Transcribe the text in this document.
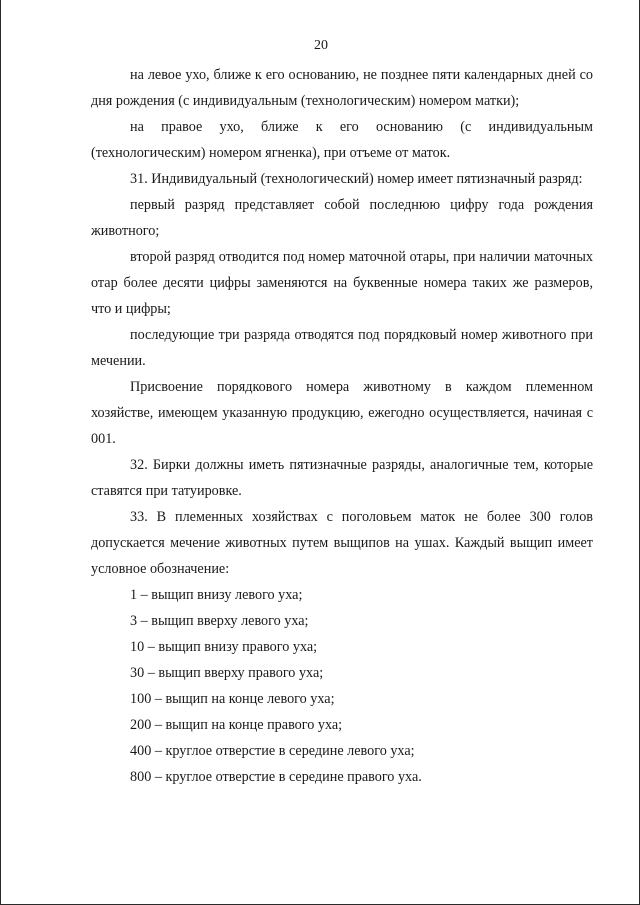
20

на левое ухо, ближе к его основанию, не позднее пяти календарных дней со дня рождения (с индивидуальным (технологическим) номером матки);

на правое ухо, ближе к его основанию (с индивидуальным (технологическим) номером ягненка), при отъеме от маток.

31. Индивидуальный (технологический) номер имеет пятизначный разряд:

первый разряд представляет собой последнюю цифру года рождения животного;

второй разряд отводится под номер маточной отары, при наличии маточных отар более десяти цифры заменяются на буквенные номера таких же размеров, что и цифры;

последующие три разряда отводятся под порядковый номер животного при мечении.

Присвоение порядкового номера животному в каждом племенном хозяйстве, имеющем указанную продукцию, ежегодно осуществляется, начиная с 001.

32. Бирки должны иметь пятизначные разряды, аналогичные тем, которые ставятся при татуировке.

33. В племенных хозяйствах с поголовьем маток не более 300 голов допускается мечение животных путем выщипов на ушах. Каждый выщип имеет условное обозначение:

1 – выщип внизу левого уха;

3 – выщип вверху левого уха;

10 – выщип внизу правого уха;

30 – выщип вверху правого уха;

100 – выщип на конце левого уха;

200 – выщип на конце правого уха;

400 – круглое отверстие в середине левого уха;

800 – круглое отверстие в середине правого уха.
